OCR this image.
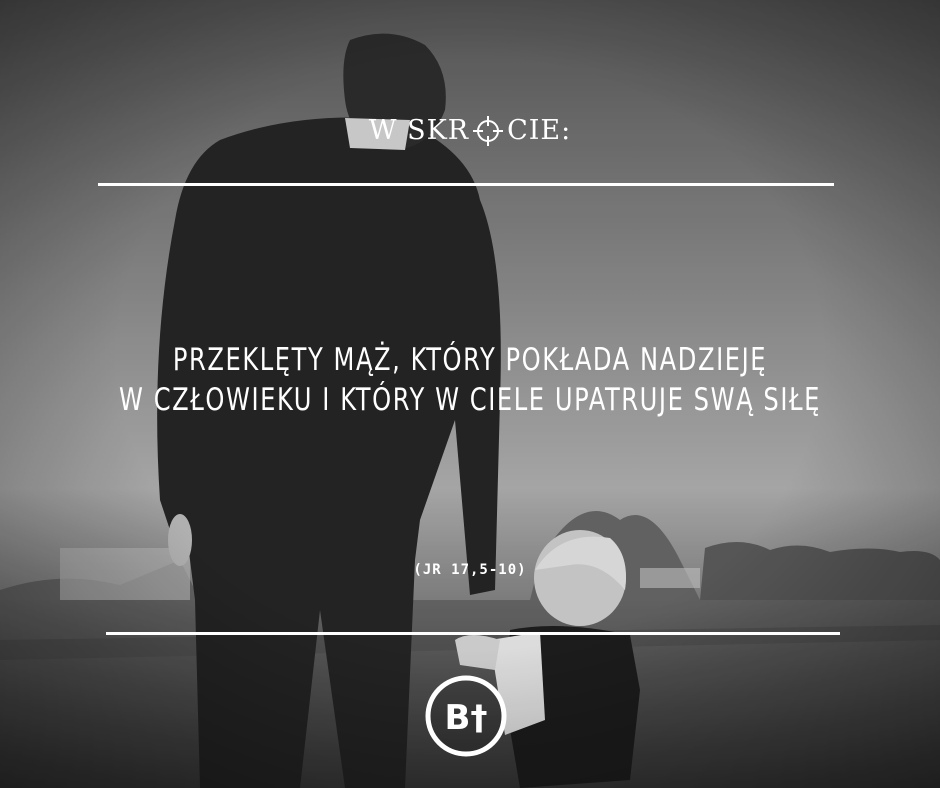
W SKR CIE:
PRZEKLĘTY MĄŻ, KTÓRY POKŁADA NADZIEJĘ
W CZŁOWIEKU I KTÓRY W CIELE UPATRUJE SWĄ SIŁĘ
(JR 17,5-10)
B†
